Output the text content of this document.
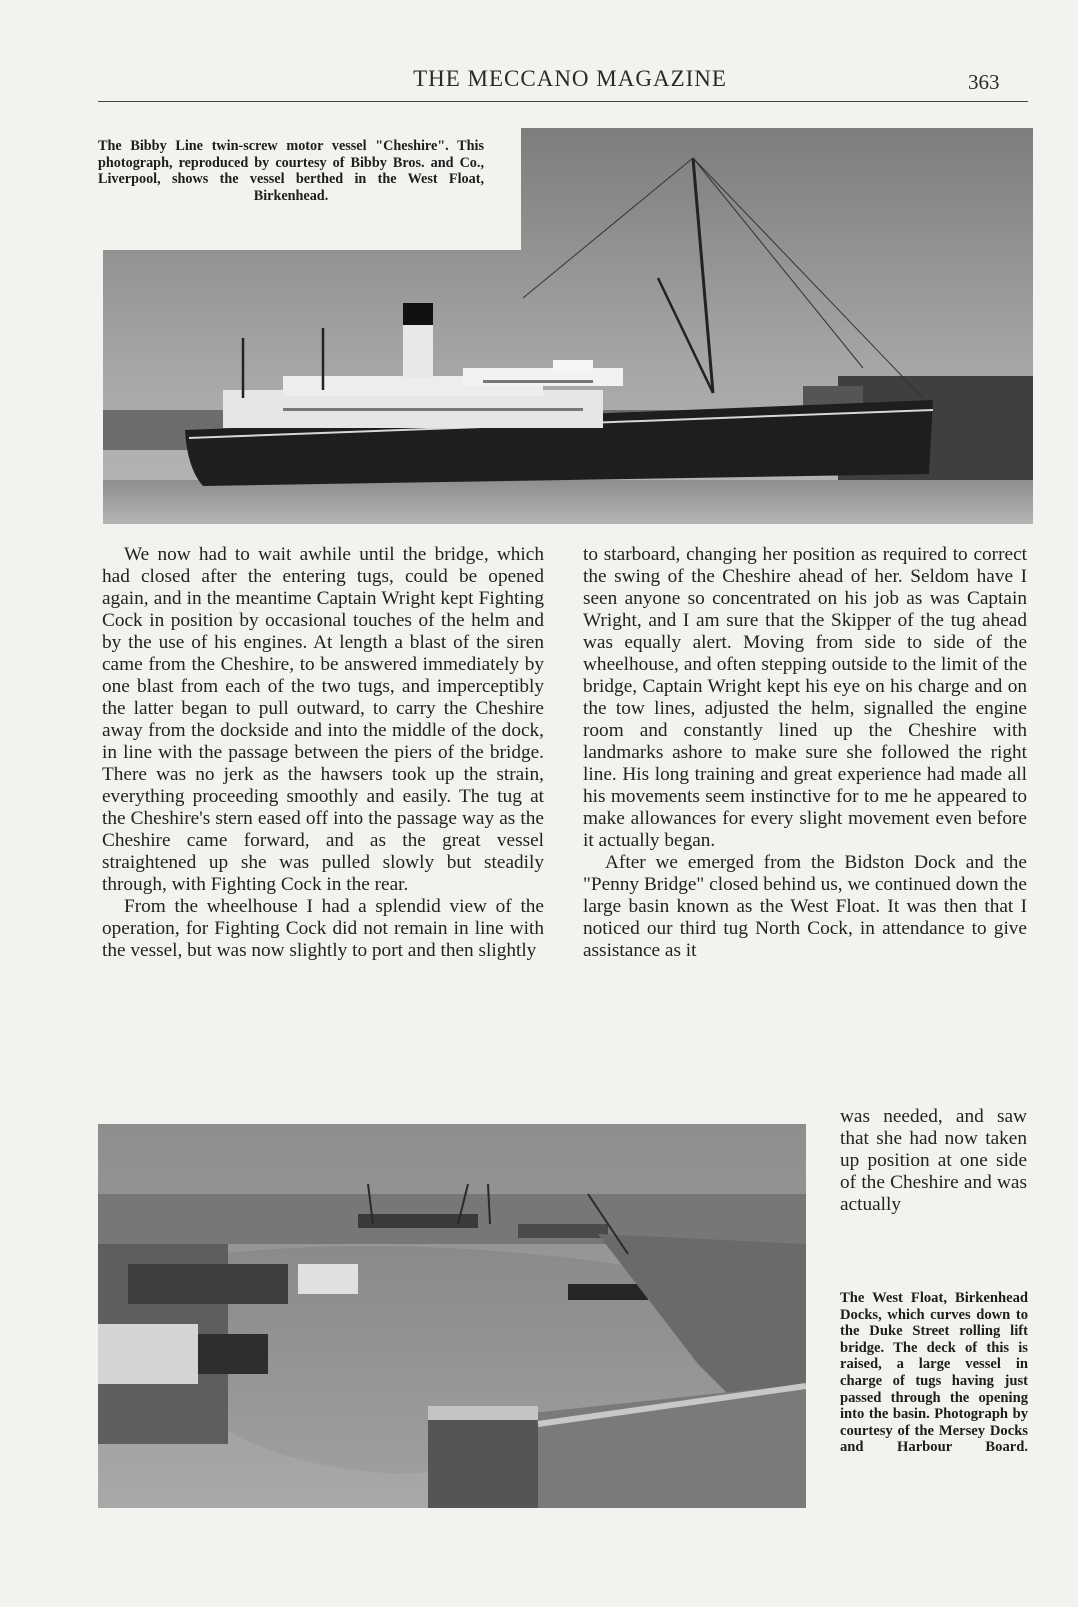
THE MECCANO MAGAZINE	363
The Bibby Line twin-screw motor vessel "Cheshire". This photograph, reproduced by courtesy of Bibby Bros. and Co., Liverpool, shows the vessel berthed in the West Float, Birkenhead.

We now had to wait awhile until the bridge, which had closed after the entering tugs, could be opened again, and in the meantime Captain Wright kept Fighting Cock in position by occasional touches of the helm and by the use of his engines. At length a blast of the siren came from the Cheshire, to be answered immediately by one blast from each of the two tugs, and imperceptibly the latter began to pull outward, to carry the Cheshire away from the dockside and into the middle of the dock, in line with the passage between the piers of the bridge. There was no jerk as the hawsers took up the strain, everything proceeding smoothly and easily. The tug at the Cheshire's stern eased off into the passage way as the Cheshire came forward, and as the great vessel straightened up she was pulled slowly but steadily through, with Fighting Cock in the rear.

From the wheelhouse I had a splendid view of the operation, for Fighting Cock did not remain in line with the vessel, but was now slightly to port and then slightly

to starboard, changing her position as required to correct the swing of the Cheshire ahead of her. Seldom have I seen anyone so concentrated on his job as was Captain Wright, and I am sure that the Skipper of the tug ahead was equally alert. Moving from side to side of the wheelhouse, and often stepping outside to the limit of the bridge, Captain Wright kept his eye on his charge and on the tow lines, adjusted the helm, signalled the engine room and constantly lined up the Cheshire with landmarks ashore to make sure she followed the right line. His long training and great experience had made all his movements seem instinctive for to me he appeared to make allowances for every slight movement even before it actually began.

After we emerged from the Bidston Dock and the "Penny Bridge" closed behind us, we continued down the large basin known as the West Float. It was then that I noticed our third tug North Cock, in attendance to give assistance as it

was needed, and saw that she had now taken up position at one side of the Cheshire and was actually
The West Float, Birkenhead Docks, which curves down to the Duke Street rolling lift bridge. The deck of this is raised, a large vessel in charge of tugs having just passed through the opening into the basin. Photograph by courtesy of the Mersey Docks and Harbour Board.
